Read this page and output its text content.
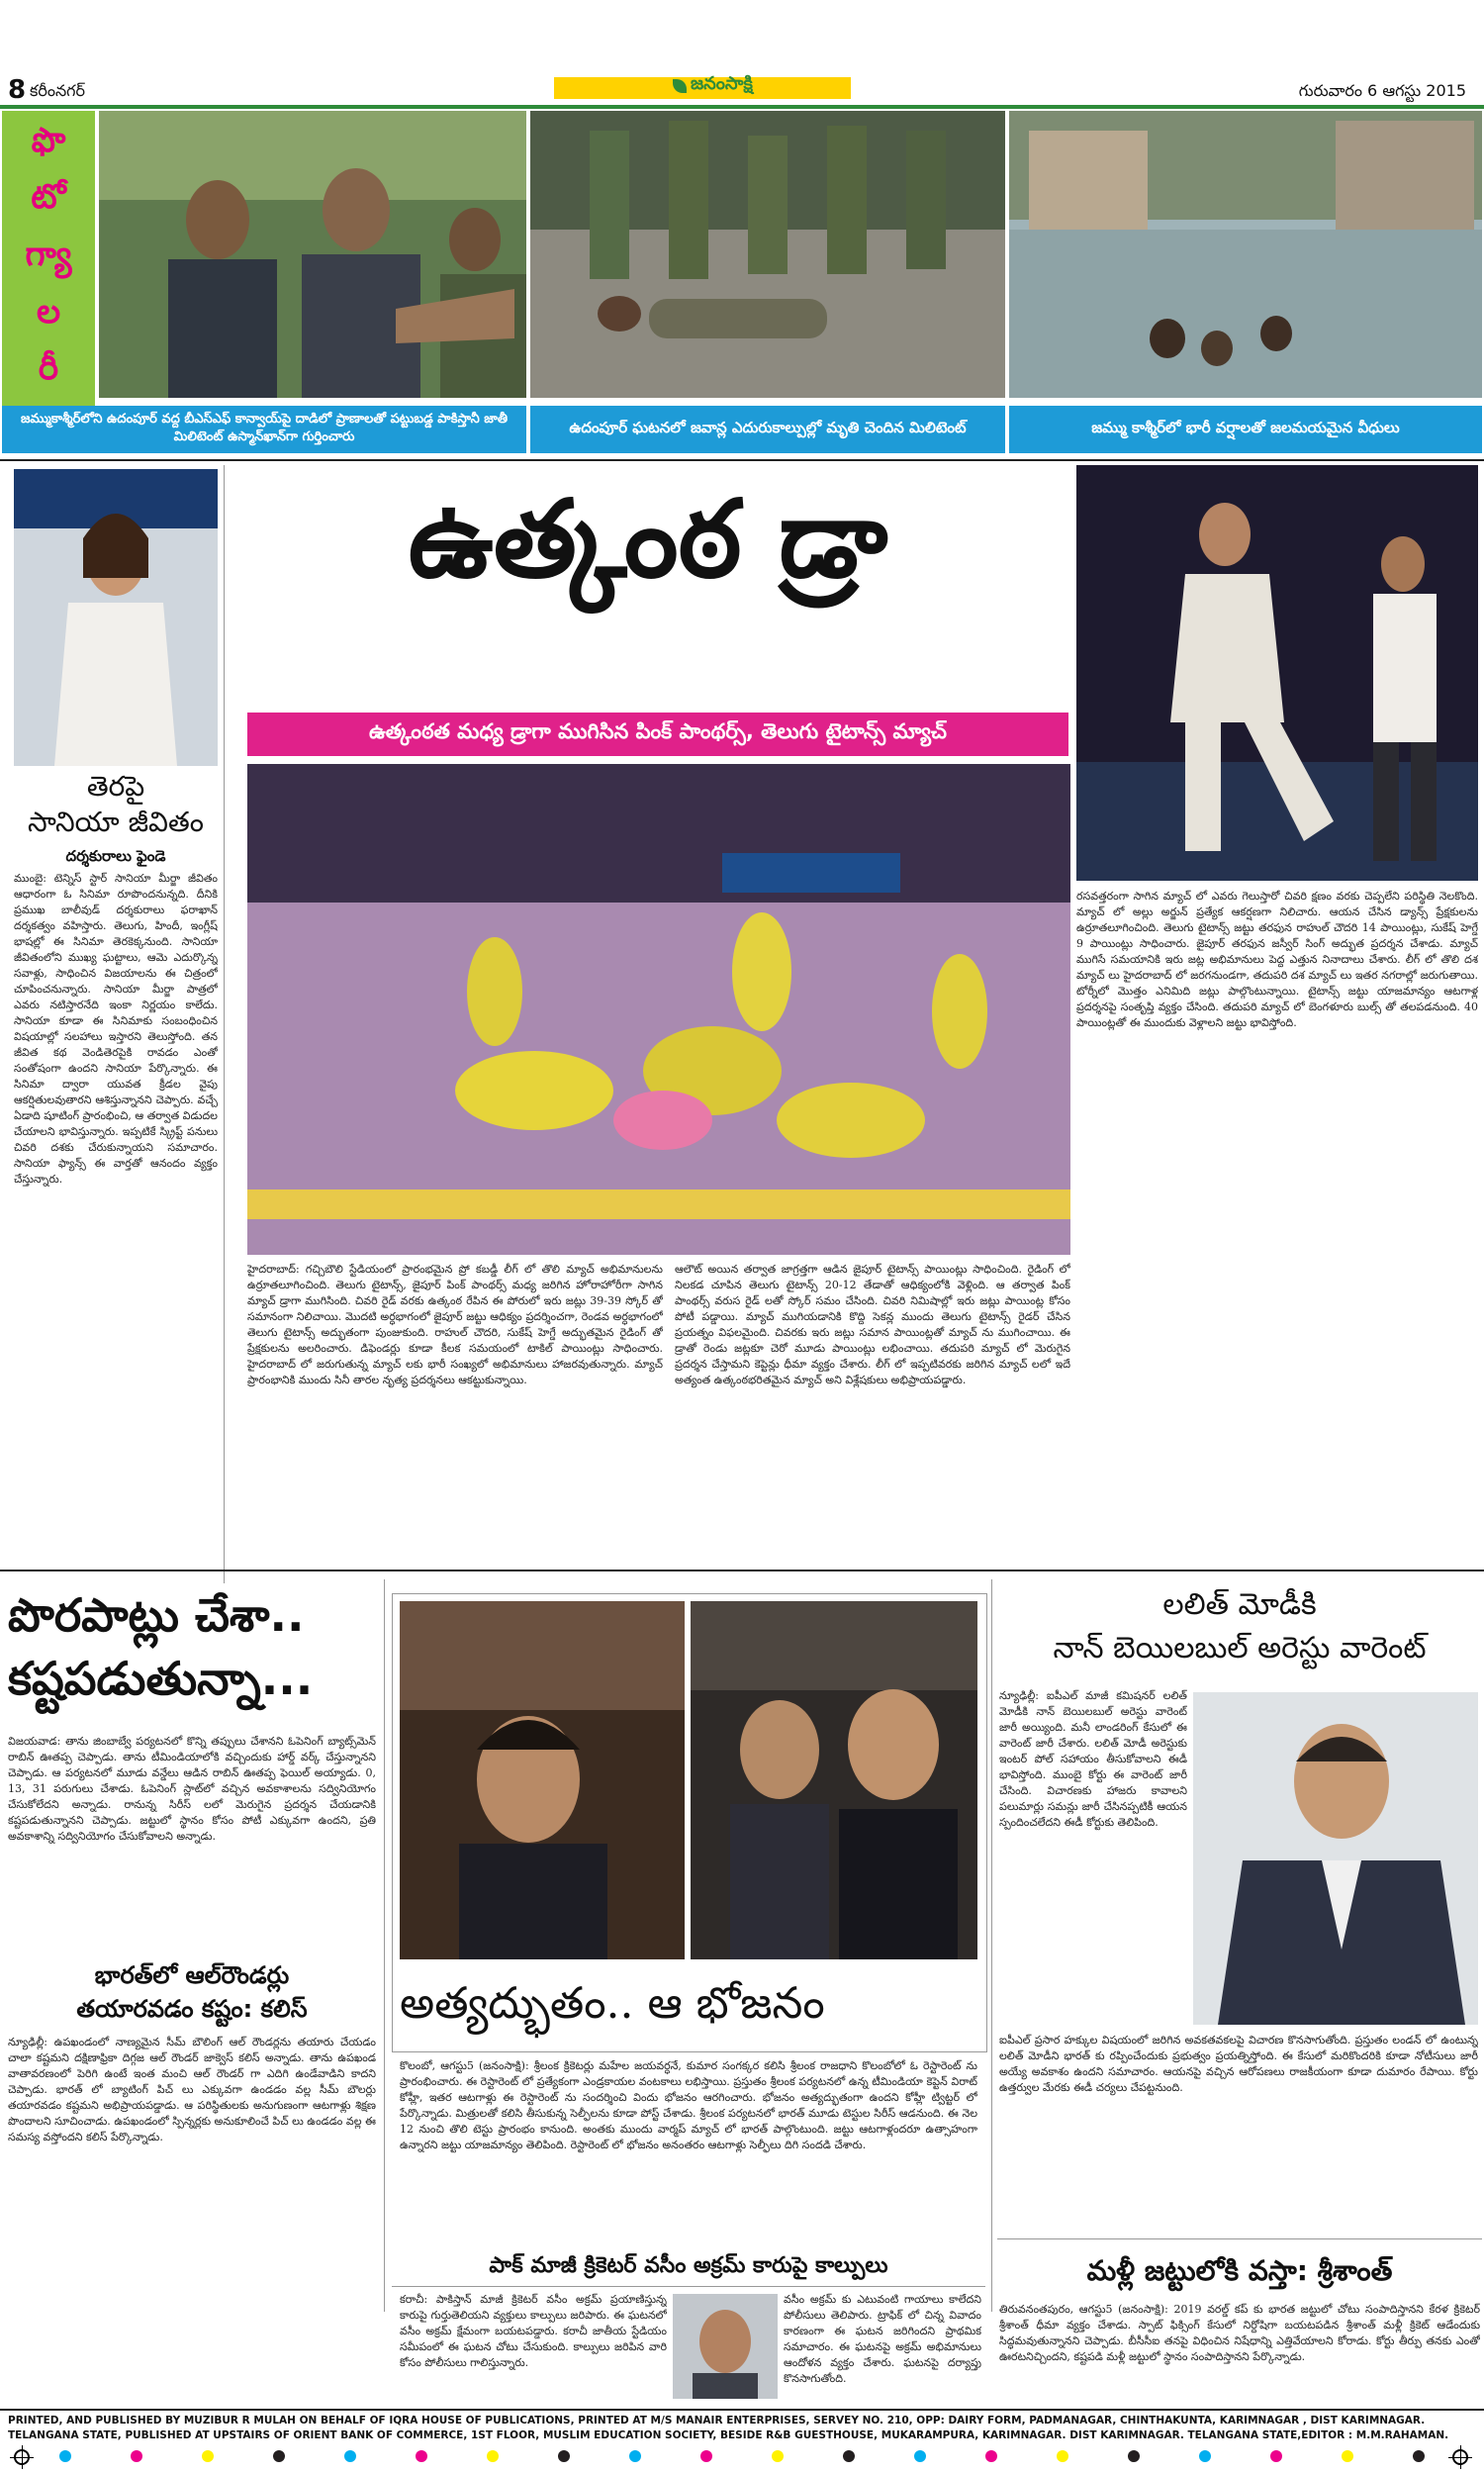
8 కరీంనగర్	జనంసాక్షి	గురువారం 6 ఆగస్టు 2015
ఫొ
టో
గ్యా
ల
రీ
జమ్ముకాశ్మీర్‌లోని ఉదంపూర్ వద్ద బీఎస్‌ఎఫ్ కాన్వాయ్‌పై దాడిలో ప్రాణాలతో పట్టుబడ్డ పాకిస్తానీ జాతీ మిలిటెంట్ ఉస్మాన్‌ఖాన్‌గా గుర్తించారు
ఉదంపూర్ ఘటనలో జవాన్ల ఎదురుకాల్పుల్లో మృతి చెందిన మిలిటెంట్	జమ్ము కాశ్మీర్‌లో భారీ వర్షాలతో జలమయమైన వీధులు
తెరపై
సానియా జీవితం
దర్శకురాలు ఫైండె
ముంబై: టెన్నిస్ స్టార్ సానియా మీర్జా జీవితం ఆధారంగా ఓ సినిమా రూపొందనున్నది. దీనికి ప్రముఖ బాలీవుడ్ దర్శకురాలు ఫరాఖాన్ దర్శకత్వం వహిస్తారు. తెలుగు, హిందీ, ఇంగ్లీష్ భాషల్లో ఈ సినిమా తెరకెక్కనుంది. సానియా జీవితంలోని ముఖ్య ఘట్టాలు, ఆమె ఎదుర్కొన్న సవాళ్లు, సాధించిన విజయాలను ఈ చిత్రంలో చూపించనున్నారు. సానియా మీర్జా పాత్రలో ఎవరు నటిస్తారనేది ఇంకా నిర్ణయం కాలేదు. సానియా కూడా ఈ సినిమాకు సంబంధించిన విషయాల్లో సలహాలు ఇస్తారని తెలుస్తోంది. తన జీవిత కథ వెండితెరపైకి రావడం ఎంతో సంతోషంగా ఉందని సానియా పేర్కొన్నారు. ఈ సినిమా ద్వారా యువత క్రీడల వైపు ఆకర్షితులవుతారని ఆశిస్తున్నానని చెప్పారు. వచ్చే ఏడాది షూటింగ్ ప్రారంభించి, ఆ తర్వాత విడుదల చేయాలని భావిస్తున్నారు. ఇప్పటికే స్క్రిప్ట్ పనులు చివరి దశకు చేరుకున్నాయని సమాచారం. సానియా ఫ్యాన్స్ ఈ వార్తతో ఆనందం వ్యక్తం చేస్తున్నారు.
ఉత్కంఠ డ్రా
ఉత్కంఠత మధ్య డ్రాగా ముగిసిన పింక్ పాంథర్స్, తెలుగు టైటాన్స్ మ్యాచ్
హైదరాబాద్: గచ్చిబౌలి స్టేడియంలో ప్రారంభమైన ప్రో కబడ్డీ లీగ్ లో తొలి మ్యాచ్ అభిమానులను ఉర్రూతలూగించింది. తెలుగు టైటాన్స్, జైపూర్ పింక్ పాంథర్స్ మధ్య జరిగిన హోరాహోరీగా సాగిన మ్యాచ్ డ్రాగా ముగిసింది. చివరి రైడ్ వరకు ఉత్కంఠ రేపిన ఈ పోరులో ఇరు జట్లు 39-39 స్కోర్ తో సమానంగా నిలిచాయి. మొదటి అర్ధభాగంలో జైపూర్ జట్టు ఆధిక్యం ప్రదర్శించగా, రెండవ అర్ధభాగంలో తెలుగు టైటాన్స్ అద్భుతంగా పుంజుకుంది. రాహుల్ చౌదరి, సుకేష్ హెగ్డే అద్భుతమైన రైడింగ్ తో ప్రేక్షకులను అలరించారు. డిఫెండర్లు కూడా కీలక సమయంలో టాకిల్ పాయింట్లు సాధించారు. హైదరాబాద్ లో జరుగుతున్న మ్యాచ్ లకు భారీ సంఖ్యలో అభిమానులు హాజరవుతున్నారు. మ్యాచ్ ప్రారంభానికి ముందు సినీ తారల నృత్య ప్రదర్శనలు ఆకట్టుకున్నాయి.
ఆలౌట్ అయిన తర్వాత జాగ్రత్తగా ఆడిన జైపూర్ టైటాన్స్ పాయింట్లు సాధించింది. రైడింగ్ లో నిలకడ చూపిన తెలుగు టైటాన్స్ 20-12 తేడాతో ఆధిక్యంలోకి వెళ్లింది. ఆ తర్వాత పింక్ పాంథర్స్ వరుస రైడ్ లతో స్కోర్ సమం చేసింది. చివరి నిమిషాల్లో ఇరు జట్లు పాయింట్ల కోసం పోటీ పడ్డాయి. మ్యాచ్ ముగియడానికి కొద్ది సెకన్ల ముందు తెలుగు టైటాన్స్ రైడర్ చేసిన ప్రయత్నం విఫలమైంది. చివరకు ఇరు జట్లు సమాన పాయింట్లతో మ్యాచ్ ను ముగించాయి. ఈ డ్రాతో రెండు జట్లకూ చెరో మూడు పాయింట్లు లభించాయి. తదుపరి మ్యాచ్ లో మెరుగైన ప్రదర్శన చేస్తామని కెప్టెన్లు ధీమా వ్యక్తం చేశారు. లీగ్ లో ఇప్పటివరకు జరిగిన మ్యాచ్ లలో ఇదే అత్యంత ఉత్కంఠభరితమైన మ్యాచ్ అని విశ్లేషకులు అభిప్రాయపడ్డారు.
రసవత్తరంగా సాగిన మ్యాచ్ లో ఎవరు గెలుస్తారో చివరి క్షణం వరకు చెప్పలేని పరిస్థితి నెలకొంది. మ్యాచ్ లో అల్లు అర్జున్ ప్రత్యేక ఆకర్షణగా నిలిచారు. ఆయన చేసిన డ్యాన్స్ ప్రేక్షకులను ఉర్రూతలూగించింది. తెలుగు టైటాన్స్ జట్టు తరఫున రాహుల్ చౌదరి 14 పాయింట్లు, సుకేష్ హెగ్డే 9 పాయింట్లు సాధించారు. జైపూర్ తరఫున జస్వీర్ సింగ్ అద్భుత ప్రదర్శన చేశాడు. మ్యాచ్ ముగిసే సమయానికి ఇరు జట్ల అభిమానులు పెద్ద ఎత్తున నినాదాలు చేశారు. లీగ్ లో తొలి దశ మ్యాచ్ లు హైదరాబాద్ లో జరగనుండగా, తదుపరి దశ మ్యాచ్ లు ఇతర నగరాల్లో జరుగుతాయి. టోర్నీలో మొత్తం ఎనిమిది జట్లు పాల్గొంటున్నాయి. టైటాన్స్ జట్టు యాజమాన్యం ఆటగాళ్ల ప్రదర్శనపై సంతృప్తి వ్యక్తం చేసింది. తదుపరి మ్యాచ్ లో బెంగళూరు బుల్స్ తో తలపడనుంది. 40 పాయింట్లతో ఈ ముందుకు వెళ్లాలని జట్టు భావిస్తోంది.
పొరపాట్లు చేశా..
కష్టపడుతున్నా...
విజయవాడ: తాను జింబాబ్వే పర్యటనలో కొన్ని తప్పులు చేశానని ఓపెనింగ్ బ్యాట్స్‌మెన్ రాబిన్ ఊతప్ప చెప్పాడు. తాను టీమిండియాలోకి వచ్చిందుకు హార్డ్ వర్క్ చేస్తున్నానని చెప్పాడు. ఆ పర్యటనలో మూడు వన్డేలు ఆడిన రాబిన్ ఊతప్ప ఫెయిల్ అయ్యాడు. 0, 13, 31 పరుగులు చేశాడు. ఓపెనింగ్ స్లాట్‌లో వచ్చిన అవకాశాలను సద్వినియోగం చేసుకోలేదని అన్నాడు. రానున్న సిరీస్ లలో మెరుగైన ప్రదర్శన చేయడానికి కష్టపడుతున్నానని చెప్పాడు. జట్టులో స్థానం కోసం పోటీ ఎక్కువగా ఉందని, ప్రతి అవకాశాన్ని సద్వినియోగం చేసుకోవాలని అన్నాడు.
భారత్‌లో ఆల్‌రౌండర్లు
తయారవడం కష్టం: కలిస్
న్యూఢిల్లీ: ఉపఖండంలో నాణ్యమైన సీమ్ బౌలింగ్ ఆల్ రౌండర్లను తయారు చేయడం చాలా కష్టమని దక్షిణాఫ్రికా దిగ్గజ ఆల్ రౌండర్ జాక్వెస్ కలిస్ అన్నాడు. తాను ఉపఖండ వాతావరణంలో పెరిగి ఉంటే ఇంత మంచి ఆల్ రౌండర్ గా ఎదిగి ఉండేవాడిని కాదని చెప్పాడు. భారత్ లో బ్యాటింగ్ పిచ్ లు ఎక్కువగా ఉండడం వల్ల సీమ్ బౌలర్లు తయారవడం కష్టమని అభిప్రాయపడ్డాడు. ఆ పరిస్థితులకు అనుగుణంగా ఆటగాళ్లు శిక్షణ పొందాలని సూచించాడు. ఉపఖండంలో స్పిన్నర్లకు అనుకూలించే పిచ్ లు ఉండడం వల్ల ఈ సమస్య వస్తోందని కలిస్ పేర్కొన్నాడు.
అత్యద్భుతం.. ఆ భోజనం
కొలంబో, ఆగస్టు5 (జనంసాక్షి): శ్రీలంక క్రికెటర్లు మహేల జయవర్ధనే, కుమార సంగక్కర కలిసి శ్రీలంక రాజధాని కొలంబోలో ఓ రెస్టారెంట్ ను ప్రారంభించారు. ఈ రెస్టారెంట్ లో ప్రత్యేకంగా ఎండ్రకాయల వంటకాలు లభిస్తాయి. ప్రస్తుతం శ్రీలంక పర్యటనలో ఉన్న టీమిండియా కెప్టెన్ విరాట్ కోహ్లీ, ఇతర ఆటగాళ్లు ఈ రెస్టారెంట్ ను సందర్శించి విందు భోజనం ఆరగించారు. భోజనం అత్యద్భుతంగా ఉందని కోహ్లీ ట్విట్టర్ లో పేర్కొన్నాడు. మిత్రులతో కలిసి తీసుకున్న సెల్ఫీలను కూడా పోస్ట్ చేశాడు. శ్రీలంక పర్యటనలో భారత్ మూడు టెస్టుల సిరీస్ ఆడనుంది. ఈ నెల 12 నుంచి తొలి టెస్టు ప్రారంభం కానుంది. అంతకు ముందు వార్మప్ మ్యాచ్ లో భారత్ పాల్గొంటుంది. జట్టు ఆటగాళ్లందరూ ఉత్సాహంగా ఉన్నారని జట్టు యాజమాన్యం తెలిపింది. రెస్టారెంట్ లో భోజనం అనంతరం ఆటగాళ్లు సెల్ఫీలు దిగి సందడి చేశారు.
పాక్ మాజీ క్రికెటర్ వసీం అక్రమ్ కారుపై కాల్పులు
కరాచీ: పాకిస్తాన్ మాజీ క్రికెటర్ వసీం అక్రమ్ ప్రయాణిస్తున్న కారుపై గుర్తుతెలియని వ్యక్తులు కాల్పులు జరిపారు. ఈ ఘటనలో వసీం అక్రమ్ క్షేమంగా బయటపడ్డారు. కరాచీ జాతీయ స్టేడియం సమీపంలో ఈ ఘటన చోటు చేసుకుంది. కాల్పులు జరిపిన వారి కోసం పోలీసులు గాలిస్తున్నారు.
వసీం అక్రమ్ కు ఎటువంటి గాయాలు కాలేదని పోలీసులు తెలిపారు. ట్రాఫిక్ లో చిన్న వివాదం కారణంగా ఈ ఘటన జరిగిందని ప్రాథమిక సమాచారం. ఈ ఘటనపై అక్రమ్ అభిమానులు ఆందోళన వ్యక్తం చేశారు. ఘటనపై దర్యాప్తు కొనసాగుతోంది.
లలిత్ మోడీకి
నాన్ బెయిలబుల్ అరెస్టు వారెంట్
న్యూఢిల్లీ: ఐపీఎల్ మాజీ కమిషనర్ లలిత్ మోడీకి నాన్ బెయిలబుల్ అరెస్టు వారెంట్ జారీ అయ్యింది. మనీ లాండరింగ్ కేసులో ఈ వారెంట్ జారీ చేశారు. లలిత్ మోడీ అరెస్టుకు ఇంటర్ పోల్ సహాయం తీసుకోవాలని ఈడీ భావిస్తోంది. ముంబై కోర్టు ఈ వారెంట్ జారీ చేసింది. విచారణకు హాజరు కావాలని పలుమార్లు సమన్లు జారీ చేసినప్పటికీ ఆయన స్పందించలేదని ఈడీ కోర్టుకు తెలిపింది.
ఐపీఎల్ ప్రసార హక్కుల విషయంలో జరిగిన అవకతవకలపై విచారణ కొనసాగుతోంది. ప్రస్తుతం లండన్ లో ఉంటున్న లలిత్ మోడీని భారత్ కు రప్పించేందుకు ప్రభుత్వం ప్రయత్నిస్తోంది. ఈ కేసులో మరికొందరికి కూడా నోటీసులు జారీ అయ్యే అవకాశం ఉందని సమాచారం. ఆయనపై వచ్చిన ఆరోపణలు రాజకీయంగా కూడా దుమారం రేపాయి. కోర్టు ఉత్తర్వుల మేరకు ఈడీ చర్యలు చేపట్టనుంది.
మళ్లీ జట్టులోకి వస్తా: శ్రీశాంత్
తిరువనంతపురం, ఆగస్టు5 (జనంసాక్షి): 2019 వరల్డ్ కప్ కు భారత జట్టులో చోటు సంపాదిస్తానని కేరళ క్రికెటర్ శ్రీశాంత్ ధీమా వ్యక్తం చేశాడు. స్పాట్ ఫిక్సింగ్ కేసులో నిర్దోషిగా బయటపడిన శ్రీశాంత్ మళ్లీ క్రికెట్ ఆడేందుకు సిద్ధమవుతున్నానని చెప్పాడు. బీసీసీఐ తనపై విధించిన నిషేధాన్ని ఎత్తివేయాలని కోరాడు. కోర్టు తీర్పు తనకు ఎంతో ఊరటనిచ్చిందని, కష్టపడి మళ్లీ జట్టులో స్థానం సంపాదిస్తానని పేర్కొన్నాడు.
PRINTED, AND PUBLISHED BY MUZIBUR R MULAH ON BEHALF OF IQRA HOUSE OF PUBLICATIONS, PRINTED AT M/S MANAIR ENTERPRISES, SERVEY NO. 210, OPP: DAIRY FORM, PADMANAGAR, CHINTHAKUNTA, KARIMNAGAR , DIST KARIMNAGAR.
TELANGANA STATE, PUBLISHED AT UPSTAIRS OF ORIENT BANK OF COMMERCE, 1ST FLOOR, MUSLIM EDUCATION SOCIETY, BESIDE R&B GUESTHOUSE, MUKARAMPURA, KARIMNAGAR. DIST KARIMNAGAR. TELANGANA STATE,EDITOR : M.M.RAHAMAN.
